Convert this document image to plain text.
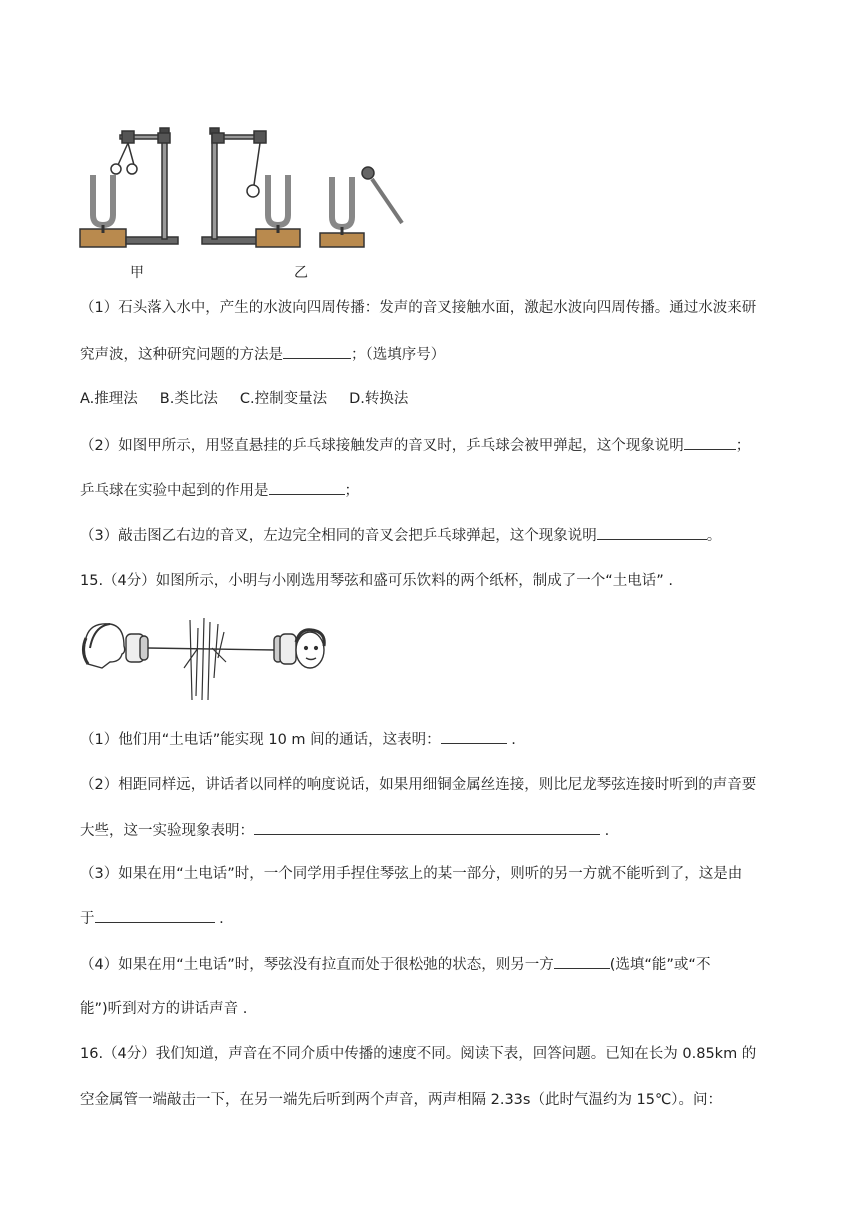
甲	乙
（1）石头落入水中，产生的水波向四周传播：发声的音叉接触水面，激起水波向四周传播。通过水波来研
究声波，这种研究问题的方法是	；（选填序号）
A.推理法 B.类比法 C.控制变量法 D.转换法
（2）如图甲所示，用竖直悬挂的乒乓球接触发声的音叉时，乒乓球会被甲弹起，这个现象说明	；
乒乓球在实验中起到的作用是	；
（3）敲击图乙右边的音叉，左边完全相同的音叉会把乒乓球弹起，这个现象说明	。
15.（4分）如图所示，小明与小刚选用琴弦和盛可乐饮料的两个纸杯，制成了一个“土电话” .
（1）他们用“土电话”能实现 10 m 间的通话，这表明：	.
（2）相距同样远，讲话者以同样的响度说话，如果用细铜金属丝连接，则比尼龙琴弦连接时听到的声音要
大些，这一实验现象表明：	.
（3）如果在用“土电话”时，一个同学用手捏住琴弦上的某一部分，则听的另一方就不能听到了，这是由
于	.
（4）如果在用“土电话”时，琴弦没有拉直而处于很松弛的状态，则另一方	(选填“能”或“不
能”)听到对方的讲话声音 .
16.（4分）我们知道，声音在不同介质中传播的速度不同。阅读下表，回答问题。已知在长为 0.85km 的
空金属管一端敲击一下，在另一端先后听到两个声音，两声相隔 2.33s（此时气温约为 15℃）。问：
